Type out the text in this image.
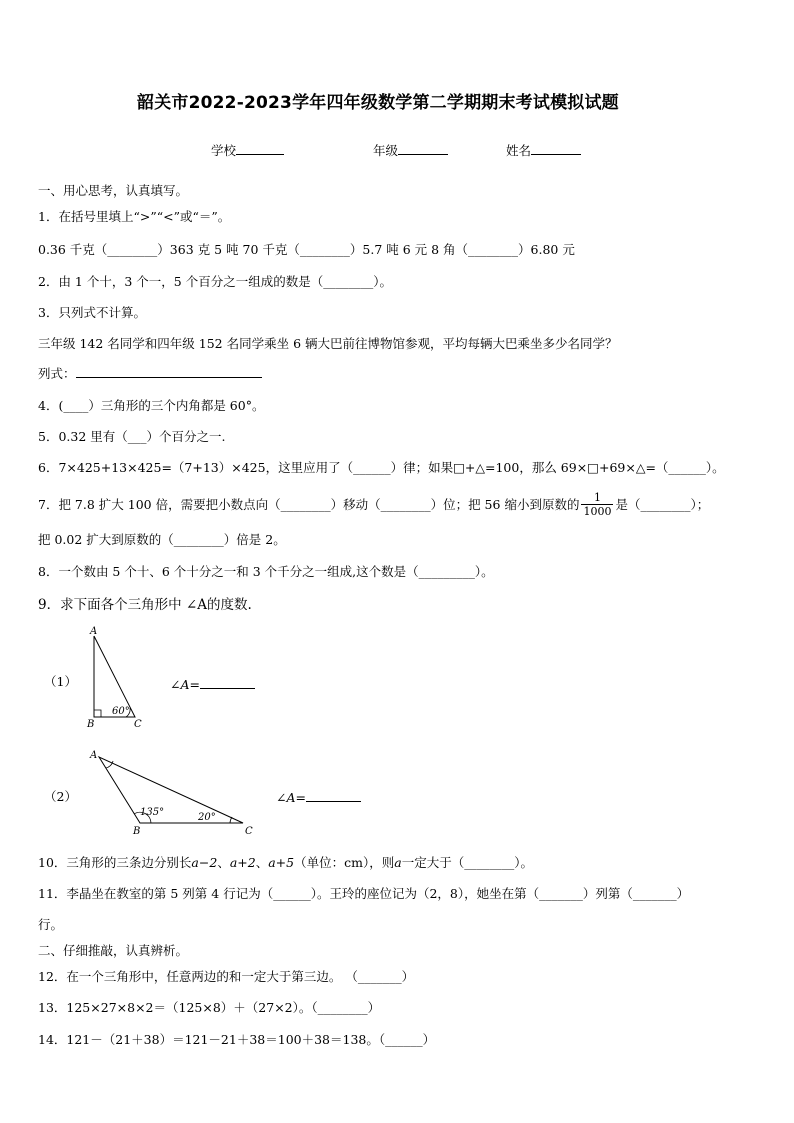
韶关市2022-2023学年四年级数学第二学期期末考试模拟试题
学校	年级	姓名
一、用心思考，认真填写。
1．在括号里填上“>”“<”或“＝”。
0.36 千克（________）363 克 5 吨 70 千克（________）5.7 吨 6 元 8 角（________）6.80 元
2．由 1 个十，3 个一，5 个百分之一组成的数是（________）。
3．只列式不计算。
三年级 142 名同学和四年级 152 名同学乘坐 6 辆大巴前往博物馆参观，平均每辆大巴乘坐多少名同学？
列式：
4．(____）三角形的三个内角都是 60°。
5．0.32 里有（___）个百分之一.
6．7×425+13×425=（7+13）×425，这里应用了（______）律；如果□+△=100，那么 69×□+69×△=（______）。
7．把 7.8 扩大 100 倍，需要把小数点向（________）移动（________）位；把 56 缩小到原数的 $\frac{1}{1000}$ 是（________）；
把 0.02 扩大到原数的（________）倍是 2。
8．一个数由 5 个十、6 个十分之一和 3 个千分之一组成,这个数是（_________）。
9．求下面各个三角形中 ∠A的度数.
（1）
A
B	C
60°
∠A=
（2）
A
B	C
135°	20°
∠A=
10．三角形的三条边分别长a−2、a+2、a+5（单位：cm），则a一定大于（________）。
11．李晶坐在教室的第 5 列第 4 行记为（______）。王玲的座位记为（2，8），她坐在第（_______）列第（_______）
行。
二、仔细推敲，认真辨析。
12．在一个三角形中，任意两边的和一定大于第三边。 （_______）
13．125×27×8×2＝（125×8）＋（27×2）。（________）
14．121－（21＋38）＝121－21＋38＝100＋38＝138。（______）
